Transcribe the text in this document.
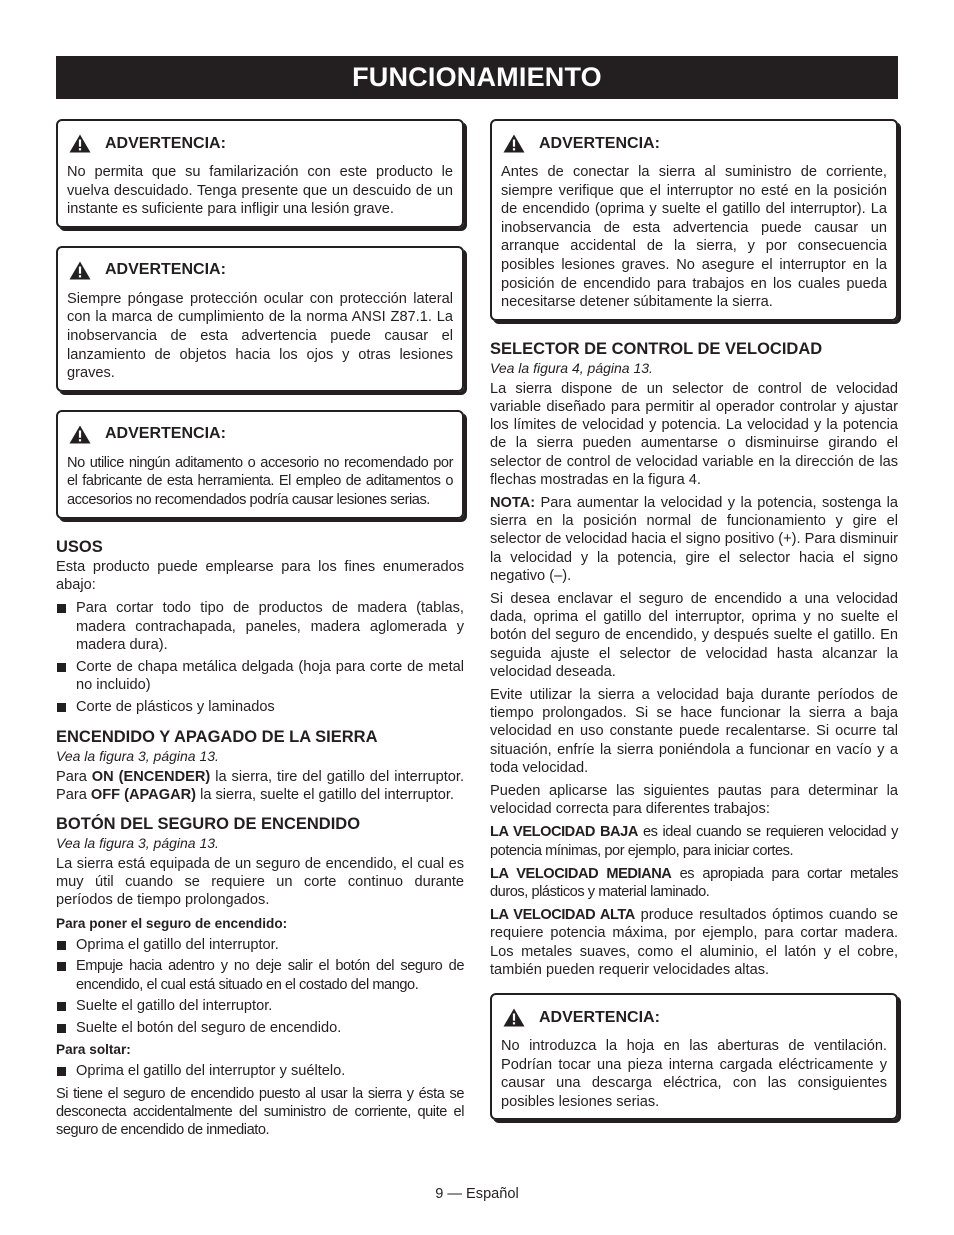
FUNCIONAMIENTO
ADVERTENCIA:
No permita que su familarización con este producto le vuelva descuidado. Tenga presente que un descuido de un instante es suficiente para infligir una lesión grave.
ADVERTENCIA:
Siempre póngase protección ocular con protección lateral con la marca de cumplimiento de la norma ANSI Z87.1. La inobservancia de esta advertencia puede causar el lanzamiento de objetos hacia los ojos y otras lesiones graves.
ADVERTENCIA:
No utilice ningún aditamento o accesorio no recomendado por el fabricante de esta herramienta. El empleo de aditamentos o accesorios no recomendados podría causar lesiones serias.
USOS

Esta producto puede emplearse para los fines enumerados abajo:

Para cortar todo tipo de productos de madera (tablas, madera contrachapada, paneles, madera aglomerada y madera dura).
Corte de chapa metálica delgada (hoja para corte de metal no incluido)
Corte de plásticos y laminados
ENCENDIDO Y APAGADO DE LA SIERRA
Vea la figura 3, página 13.

Para ON (ENCENDER) la sierra, tire del gatillo del interruptor. Para OFF (APAGAR) la sierra, suelte el gatillo del interruptor.

BOTÓN DEL SEGURO DE ENCENDIDO
Vea la figura 3, página 13.

La sierra está equipada de un seguro de encendido, el cual es muy útil cuando se requiere un corte continuo durante períodos de tiempo prolongados.

Para poner el seguro de encendido:
Oprima el gatillo del interruptor.
Empuje hacia adentro y no deje salir el botón del seguro de encendido, el cual está situado en el costado del mango.
Suelte el gatillo del interruptor.
Suelte el botón del seguro de encendido.
Para soltar:
Oprima el gatillo del interruptor y suéltelo.

Si tiene el seguro de encendido puesto al usar la sierra y ésta se desconecta accidentalmente del suministro de corriente, quite el seguro de encendido de inmediato.

ADVERTENCIA:
Antes de conectar la sierra al suministro de corriente, siempre verifique que el interruptor no esté en la posición de encendido (oprima y suelte el gatillo del interruptor). La inobservancia de esta advertencia puede causar un arranque accidental de la sierra, y por consecuencia posibles lesiones graves. No asegure el interruptor en la posición de encendido para trabajos en los cuales pueda necesitarse detener súbitamente la sierra.
SELECTOR DE CONTROL DE VELOCIDAD
Vea la figura 4, página 13.

La sierra dispone de un selector de control de velocidad variable diseñado para permitir al operador controlar y ajustar los límites de velocidad y potencia. La velocidad y la potencia de la sierra pueden aumentarse o disminuirse girando el selector de control de velocidad variable en la dirección de las flechas mostradas en la figura 4.

NOTA: Para aumentar la velocidad y la potencia, sostenga la sierra en la posición normal de funcionamiento y gire el selector de velocidad hacia el signo positivo (+). Para disminuir la velocidad y la potencia, gire el selector hacia el signo negativo (–).

Si desea enclavar el seguro de encendido a una velocidad dada, oprima el gatillo del interruptor, oprima y no suelte el botón del seguro de encendido, y después suelte el gatillo. En seguida ajuste el selector de velocidad hasta alcanzar la velocidad deseada.

Evite utilizar la sierra a velocidad baja durante períodos de tiempo prolongados. Si se hace funcionar la sierra a baja velocidad en uso constante puede recalentarse. Si ocurre tal situación, enfríe la sierra poniéndola a funcionar en vacío y a toda velocidad.

Pueden aplicarse las siguientes pautas para determinar la velocidad correcta para diferentes trabajos:

LA VELOCIDAD BAJA es ideal cuando se requieren velocidad y potencia mínimas, por ejemplo, para iniciar cortes.

LA VELOCIDAD MEDIANA es apropiada para cortar metales duros, plásticos y material laminado.

LA VELOCIDAD ALTA produce resultados óptimos cuando se requiere potencia máxima, por ejemplo, para cortar madera. Los metales suaves, como el aluminio, el latón y el cobre, también pueden requerir velocidades altas.

ADVERTENCIA:
No introduzca la hoja en las aberturas de ventilación. Podrían tocar una pieza interna cargada eléctricamente y causar una descarga eléctrica, con las consiguientes posibles lesiones serias.
9 — Español
